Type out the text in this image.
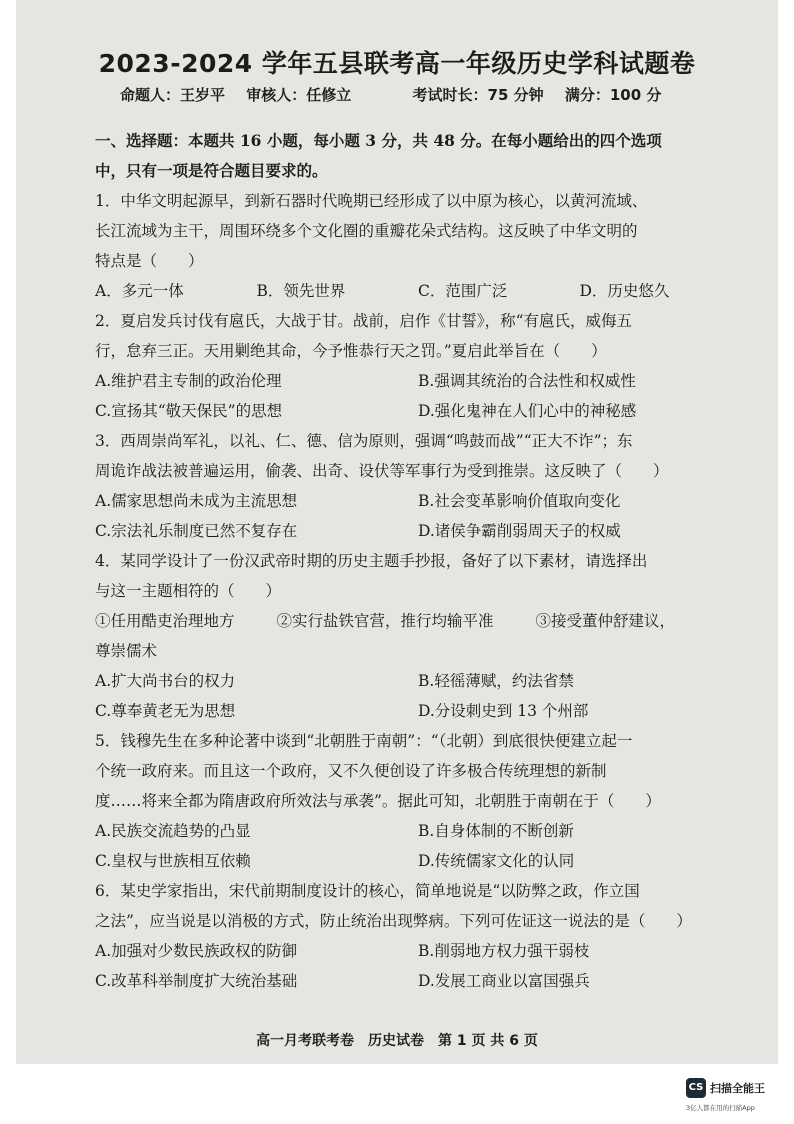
2023-2024 学年五县联考高一年级历史学科试题卷
命题人：王岁平 审核人：任修立	考试时长：75 分钟 满分：100 分

一、选择题：本题共 16 小题，每小题 3 分，共 48 分。在每小题给出的四个选项

中，只有一项是符合题目要求的。

1．中华文明起源早，到新石器时代晚期已经形成了以中原为核心，以黄河流域、

长江流域为主干，周围环绕多个文化圈的重瓣花朵式结构。这反映了中华文明的

特点是（　　）

A．多元一体	B．领先世界	C．范围广泛	D．历史悠久

2．夏启发兵讨伐有扈氏，大战于甘。战前，启作《甘誓》，称“有扈氏，威侮五

行，怠弃三正。天用剿绝其命，今予惟恭行天之罚。”夏启此举旨在（　　）

A.维护君主专制的政治伦理	B.强调其统治的合法性和权威性
C.宣扬其“敬天保民”的思想	D.强化鬼神在人们心中的神秘感

3．西周崇尚军礼，以礼、仁、德、信为原则，强调“鸣鼓而战”“正大不诈”；东

周诡诈战法被普遍运用，偷袭、出奇、设伏等军事行为受到推崇。这反映了（　　）

A.儒家思想尚未成为主流思想	B.社会变革影响价值取向变化
C.宗法礼乐制度已然不复存在	D.诸侯争霸削弱周天子的权威

4．某同学设计了一份汉武帝时期的历史主题手抄报，备好了以下素材，请选择出

与这一主题相符的（　　）

①任用酷吏治理地方	②实行盐铁官营，推行均输平准	③接受董仲舒建议，

尊崇儒术

A.扩大尚书台的权力	B.轻徭薄赋，约法省禁
C.尊奉黄老无为思想	D.分设刺史到 13 个州部

5．钱穆先生在多种论著中谈到“北朝胜于南朝”：“（北朝）到底很快便建立起一

个统一政府来。而且这一个政府，又不久便创设了许多极合传统理想的新制

度……将来全都为隋唐政府所效法与承袭”。据此可知，北朝胜于南朝在于（　　）

A.民族交流趋势的凸显	B.自身体制的不断创新
C.皇权与世族相互依赖	D.传统儒家文化的认同

6．某史学家指出，宋代前期制度设计的核心，简单地说是“以防弊之政，作立国

之法”，应当说是以消极的方式，防止统治出现弊病。下列可佐证这一说法的是（　　）

A.加强对少数民族政权的防御	B.削弱地方权力强干弱枝
C.改革科举制度扩大统治基础	D.发展工商业以富国强兵
高一月考联考卷　历史试卷　第 1 页 共 6 页
CS 扫描全能王
3亿人都在用的扫描App
